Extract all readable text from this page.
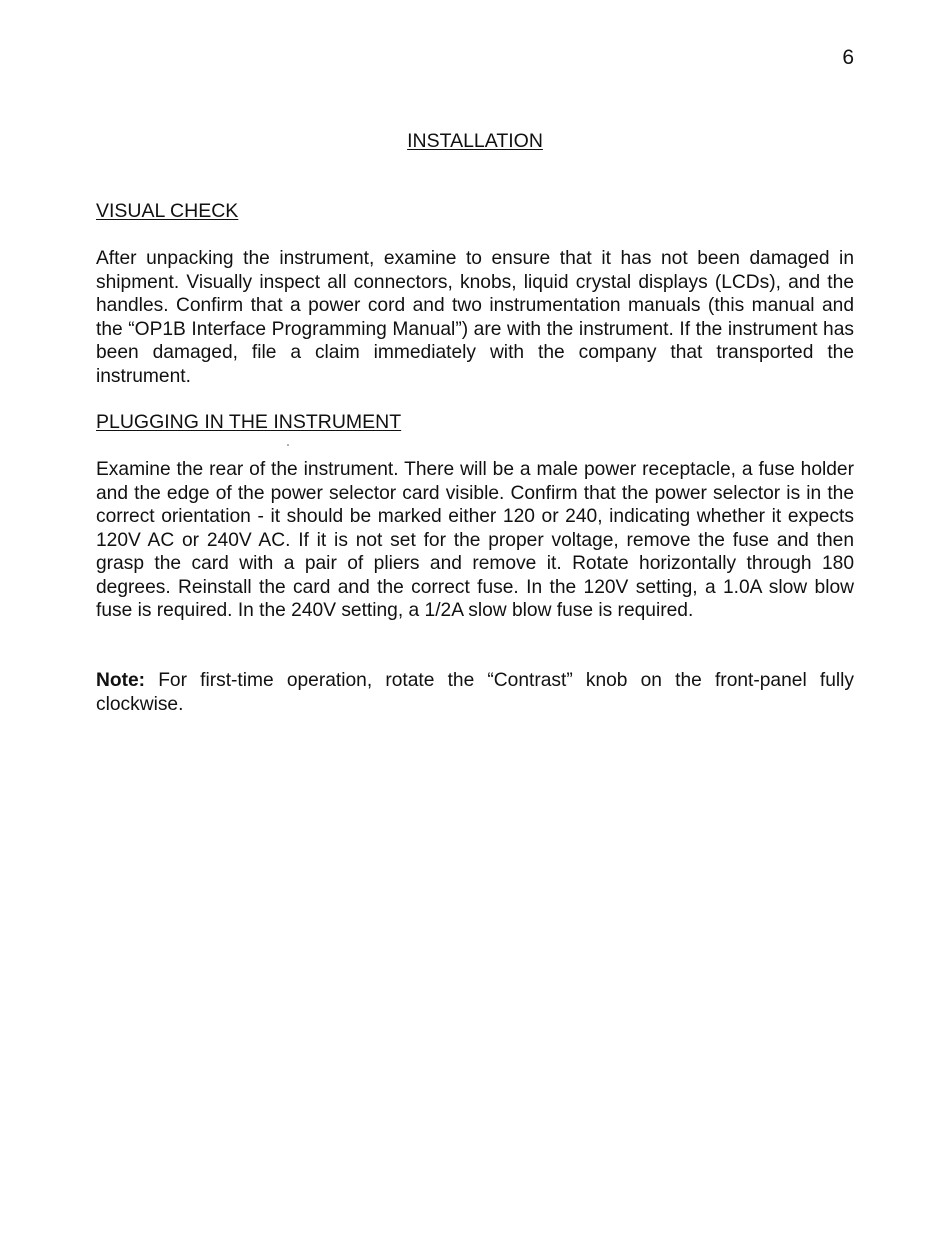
6
INSTALLATION
VISUAL CHECK

After unpacking the instrument, examine to ensure that it has not been damaged in shipment. Visually inspect all connectors, knobs, liquid crystal displays (LCDs), and the handles. Confirm that a power cord and two instrumentation manuals (this manual and the “OP1B Interface Programming Manual”) are with the instrument. If the instrument has been damaged, file a claim immediately with the company that transported the instrument.

PLUGGING IN THE INSTRUMENT

Examine the rear of the instrument. There will be a male power receptacle, a fuse holder and the edge of the power selector card visible. Confirm that the power selector is in the correct orientation - it should be marked either 120 or 240, indicating whether it expects 120V AC or 240V AC. If it is not set for the proper voltage, remove the fuse and then grasp the card with a pair of pliers and remove it. Rotate horizontally through 180 degrees. Reinstall the card and the correct fuse. In the 120V setting, a 1.0A slow blow fuse is required. In the 240V setting, a 1/2A slow blow fuse is required.

Note: For first-time operation, rotate the “Contrast” knob on the front-panel fully clockwise.
